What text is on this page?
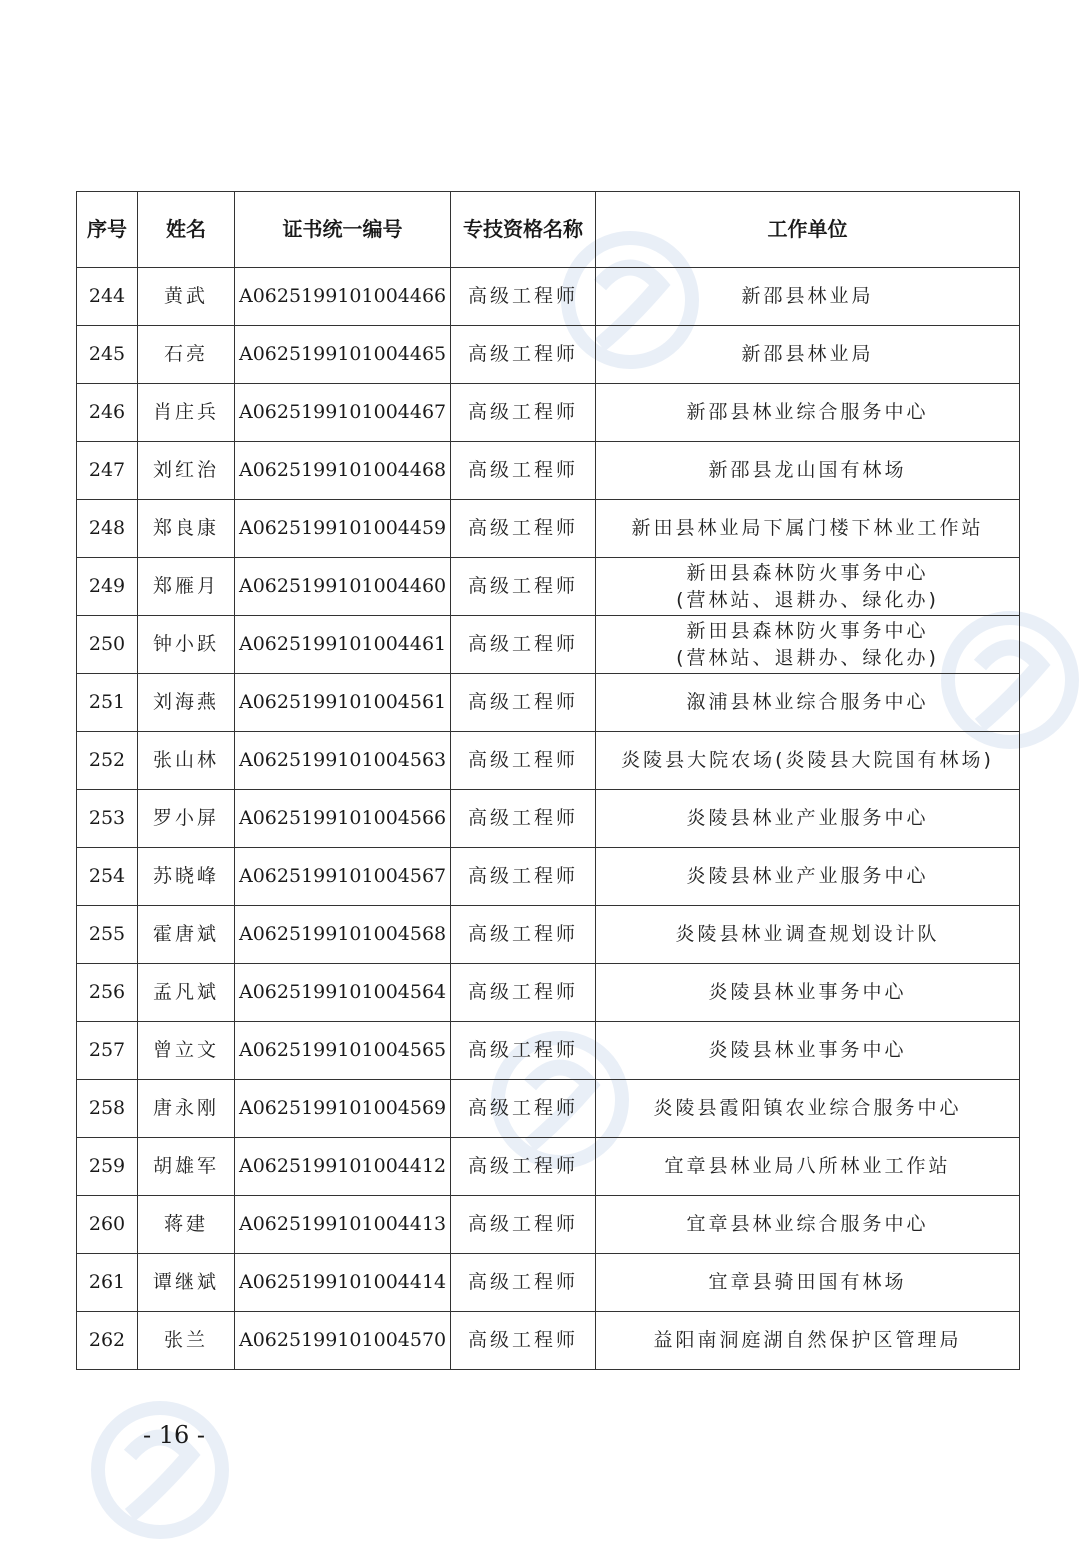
序号	姓名	证书统一编号	专技资格名称	工作单位
244	黄武	A0625199101004466	高级工程师	新邵县林业局
245	石亮	A0625199101004465	高级工程师	新邵县林业局
246	肖庄兵	A0625199101004467	高级工程师	新邵县林业综合服务中心
247	刘红治	A0625199101004468	高级工程师	新邵县龙山国有林场
248	郑良康	A0625199101004459	高级工程师	新田县林业局下属门楼下林业工作站
249	郑雁月	A0625199101004460	高级工程师	新田县森林防火事务中心
(营林站、退耕办、绿化办)

250	钟小跃	A0625199101004461	高级工程师	新田县森林防火事务中心
(营林站、退耕办、绿化办)

251	刘海燕	A0625199101004561	高级工程师	溆浦县林业综合服务中心
252	张山林	A0625199101004563	高级工程师	炎陵县大院农场(炎陵县大院国有林场)
253	罗小屏	A0625199101004566	高级工程师	炎陵县林业产业服务中心
254	苏晓峰	A0625199101004567	高级工程师	炎陵县林业产业服务中心
255	霍唐斌	A0625199101004568	高级工程师	炎陵县林业调查规划设计队
256	孟凡斌	A0625199101004564	高级工程师	炎陵县林业事务中心
257	曾立文	A0625199101004565	高级工程师	炎陵县林业事务中心
258	唐永刚	A0625199101004569	高级工程师	炎陵县霞阳镇农业综合服务中心
259	胡雄军	A0625199101004412	高级工程师	宜章县林业局八所林业工作站
260	蒋建	A0625199101004413	高级工程师	宜章县林业综合服务中心
261	谭继斌	A0625199101004414	高级工程师	宜章县骑田国有林场
262	张兰	A0625199101004570	高级工程师	益阳南洞庭湖自然保护区管理局
- 16 -
